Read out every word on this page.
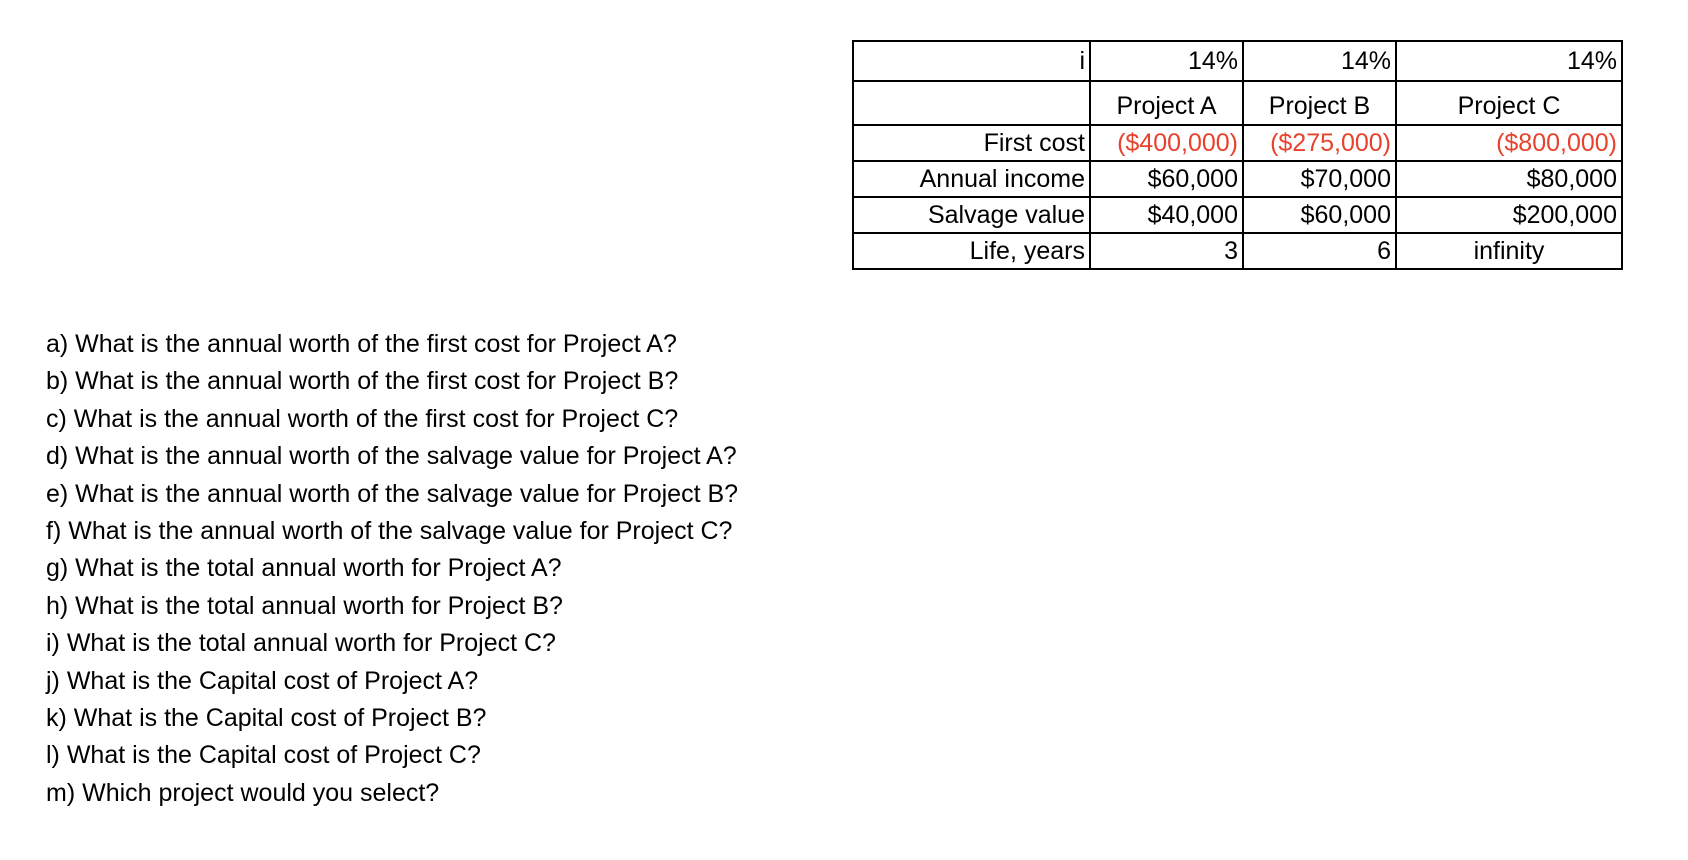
i	14%	14%	14%
	Project A	Project B	Project C
First cost	($400,000)	($275,000)	($800,000)
Annual income	$60,000	$70,000	$80,000
Salvage value	$40,000	$60,000	$200,000
Life, years	3	6	infinity
a) What is the annual worth of the first cost for Project A?
b) What is the annual worth of the first cost for Project B?
c) What is the annual worth of the first cost for Project C?
d) What is the annual worth of the salvage value for Project A?
e) What is the annual worth of the salvage value for Project B?
f) What is the annual worth of the salvage value for Project C?
g) What is the total annual worth for Project A?
h) What is the total annual worth for Project B?
i) What is the total annual worth for Project C?
j) What is the Capital cost of Project A?
k) What is the Capital cost of Project B?
l) What is the Capital cost of Project C?
m) Which project would you select?
